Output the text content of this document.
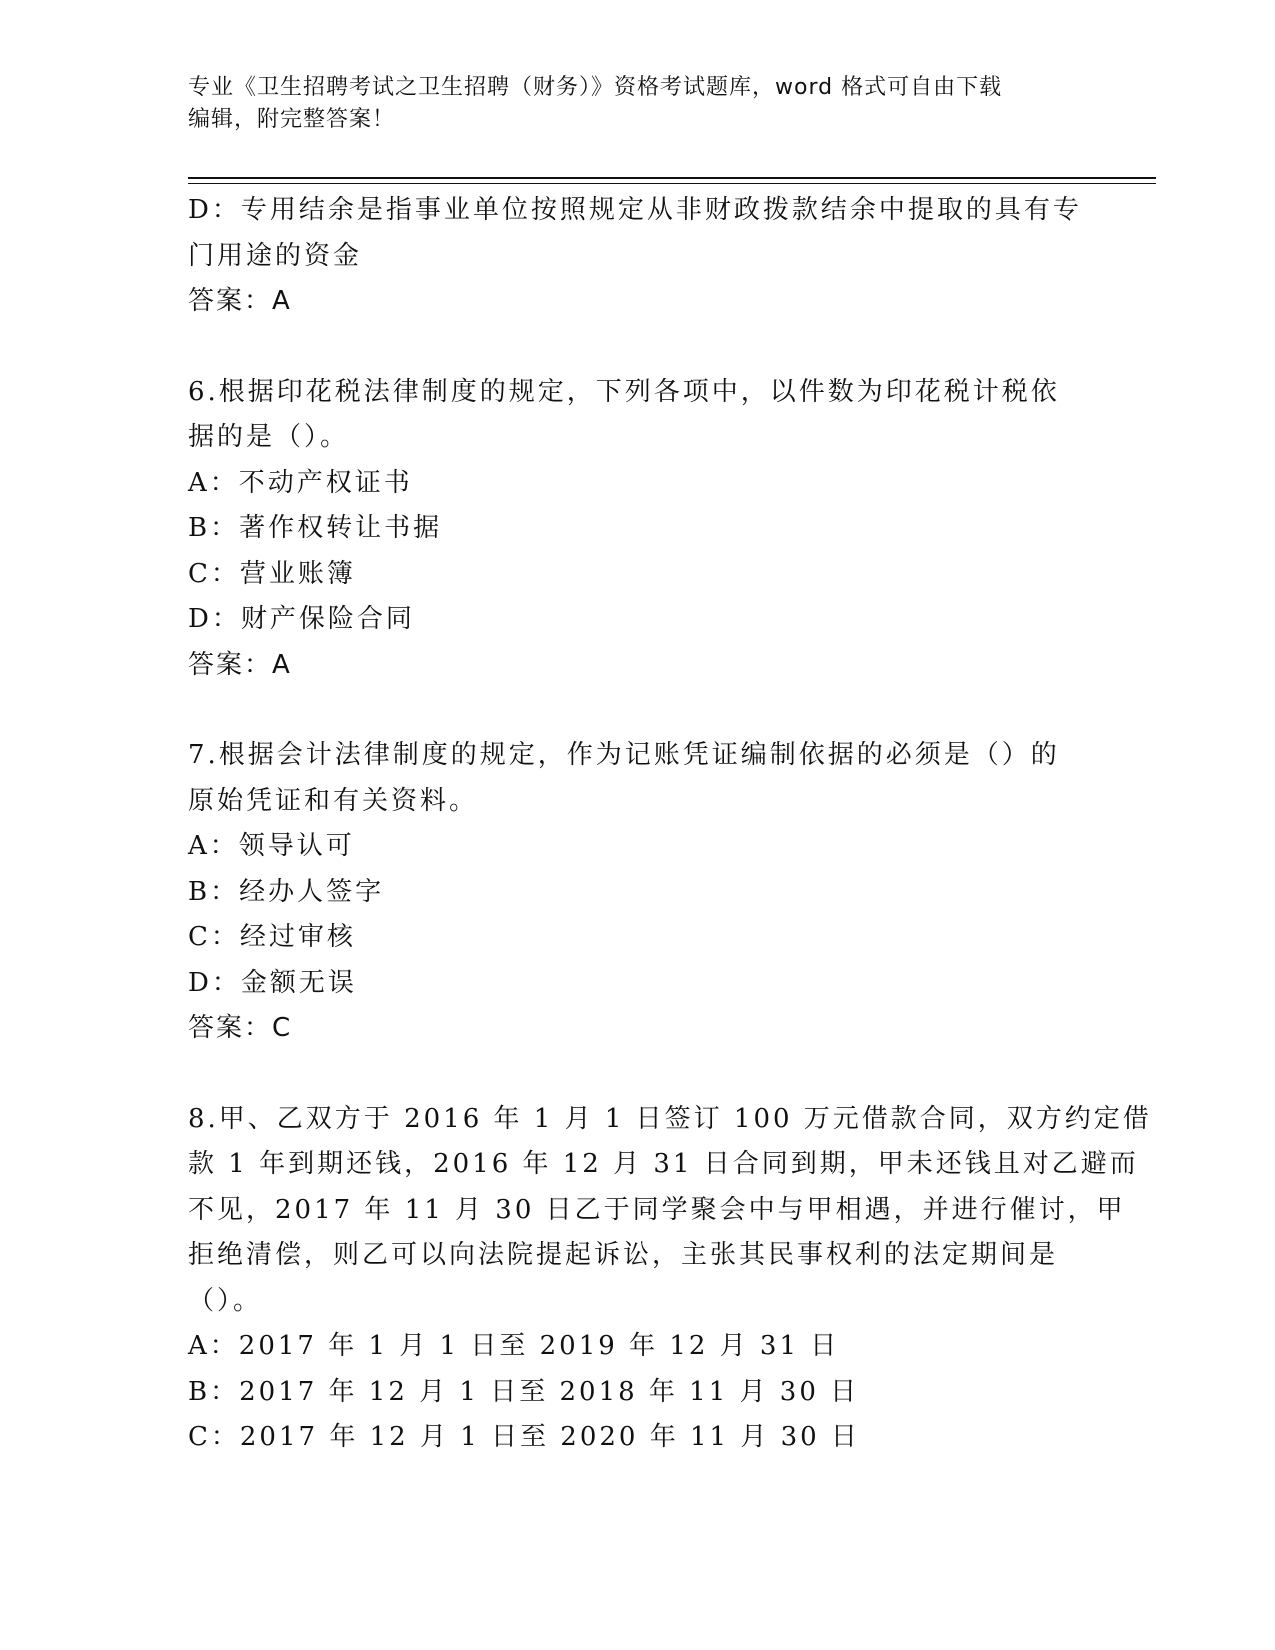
专业《卫生招聘考试之卫生招聘（财务）》资格考试题库，word 格式可自由下载
编辑，附完整答案！
D：专用结余是指事业单位按照规定从非财政拨款结余中提取的具有专
门用途的资金
答案：A
6.根据印花税法律制度的规定，下列各项中，以件数为印花税计税依
据的是（）。
A：不动产权证书
B：著作权转让书据
C：营业账簿
D：财产保险合同
答案：A
7.根据会计法律制度的规定，作为记账凭证编制依据的必须是（）的
原始凭证和有关资料。
A：领导认可
B：经办人签字
C：经过审核
D：金额无误
答案：C
8.甲、乙双方于 2016 年 1 月 1 日签订 100 万元借款合同，双方约定借
款 1 年到期还钱，2016 年 12 月 31 日合同到期，甲未还钱且对乙避而
不见，2017 年 11 月 30 日乙于同学聚会中与甲相遇，并进行催讨，甲
拒绝清偿，则乙可以向法院提起诉讼，主张其民事权利的法定期间是
（）。
A：2017 年 1 月 1 日至 2019 年 12 月 31 日
B：2017 年 12 月 1 日至 2018 年 11 月 30 日
C：2017 年 12 月 1 日至 2020 年 11 月 30 日
